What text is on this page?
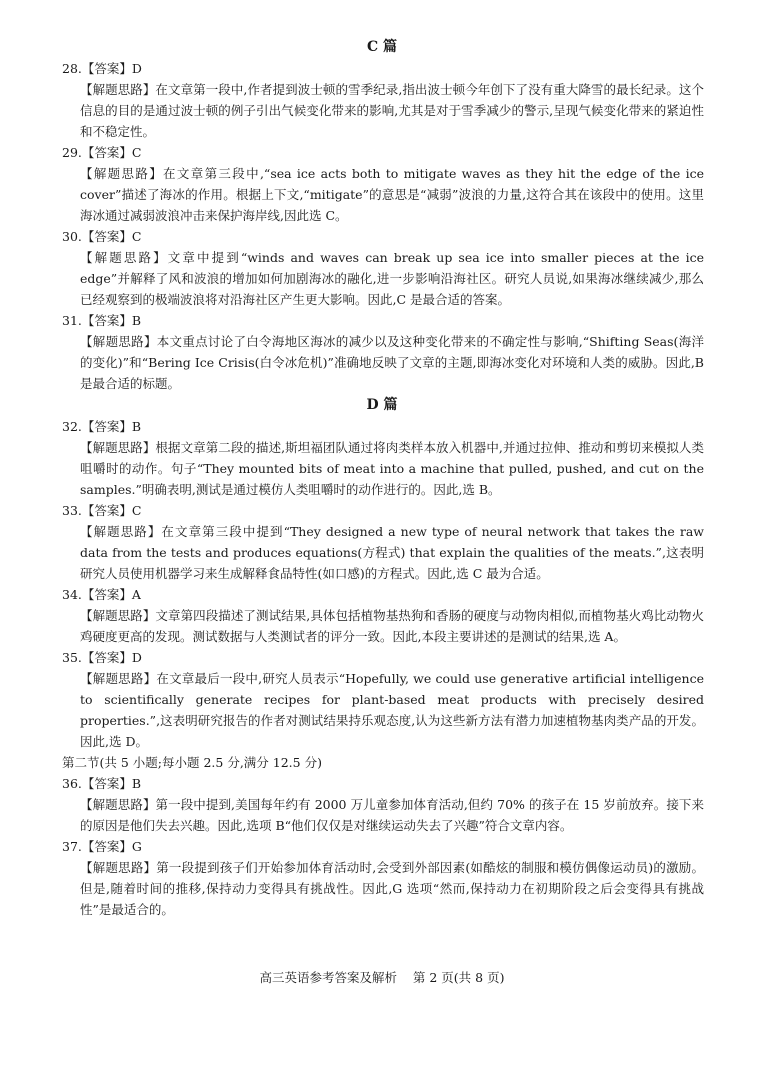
C 篇
28.【答案】D
【解题思路】在文章第一段中,作者提到波士顿的雪季纪录,指出波士顿今年创下了没有重大降雪的最长纪录。这个信息的目的是通过波士顿的例子引出气候变化带来的影响,尤其是对于雪季减少的警示,呈现气候变化带来的紧迫性和不稳定性。
29.【答案】C
【解题思路】在文章第三段中,“sea ice acts both to mitigate waves as they hit the edge of the ice cover”描述了海冰的作用。根据上下文,“mitigate”的意思是“减弱”波浪的力量,这符合其在该段中的使用。这里海冰通过减弱波浪冲击来保护海岸线,因此选 C。
30.【答案】C
【解题思路】文章中提到“winds and waves can break up sea ice into smaller pieces at the ice edge”并解释了风和波浪的增加如何加剧海冰的融化,进一步影响沿海社区。研究人员说,如果海冰继续减少,那么已经观察到的极端波浪将对沿海社区产生更大影响。因此,C 是最合适的答案。
31.【答案】B
【解题思路】本文重点讨论了白令海地区海冰的减少以及这种变化带来的不确定性与影响,“Shifting Seas(海洋的变化)”和“Bering Ice Crisis(白令冰危机)”准确地反映了文章的主题,即海冰变化对环境和人类的威胁。因此,B 是最合适的标题。
D 篇
32.【答案】B
【解题思路】根据文章第二段的描述,斯坦福团队通过将肉类样本放入机器中,并通过拉伸、推动和剪切来模拟人类咀嚼时的动作。句子“They mounted bits of meat into a machine that pulled, pushed, and cut on the samples.”明确表明,测试是通过模仿人类咀嚼时的动作进行的。因此,选 B。
33.【答案】C
【解题思路】在文章第三段中提到“They designed a new type of neural network that takes the raw data from the tests and produces equations(方程式) that explain the qualities of the meats.”,这表明研究人员使用机器学习来生成解释食品特性(如口感)的方程式。因此,选 C 最为合适。
34.【答案】A
【解题思路】文章第四段描述了测试结果,具体包括植物基热狗和香肠的硬度与动物肉相似,而植物基火鸡比动物火鸡硬度更高的发现。测试数据与人类测试者的评分一致。因此,本段主要讲述的是测试的结果,选 A。
35.【答案】D
【解题思路】在文章最后一段中,研究人员表示“Hopefully, we could use generative artificial intelligence to scientifically generate recipes for plant-based meat products with precisely desired properties.”,这表明研究报告的作者对测试结果持乐观态度,认为这些新方法有潜力加速植物基肉类产品的开发。因此,选 D。
第二节(共 5 小题;每小题 2.5 分,满分 12.5 分)
36.【答案】B
【解题思路】第一段中提到,美国每年约有 2000 万儿童参加体育活动,但约 70% 的孩子在 15 岁前放弃。接下来的原因是他们失去兴趣。因此,选项 B“他们仅仅是对继续运动失去了兴趣”符合文章内容。
37.【答案】G
【解题思路】第一段提到孩子们开始参加体育活动时,会受到外部因素(如酷炫的制服和模仿偶像运动员)的激励。但是,随着时间的推移,保持动力变得具有挑战性。因此,G 选项“然而,保持动力在初期阶段之后会变得具有挑战性”是最适合的。
高三英语参考答案及解析    第 2 页(共 8 页)
